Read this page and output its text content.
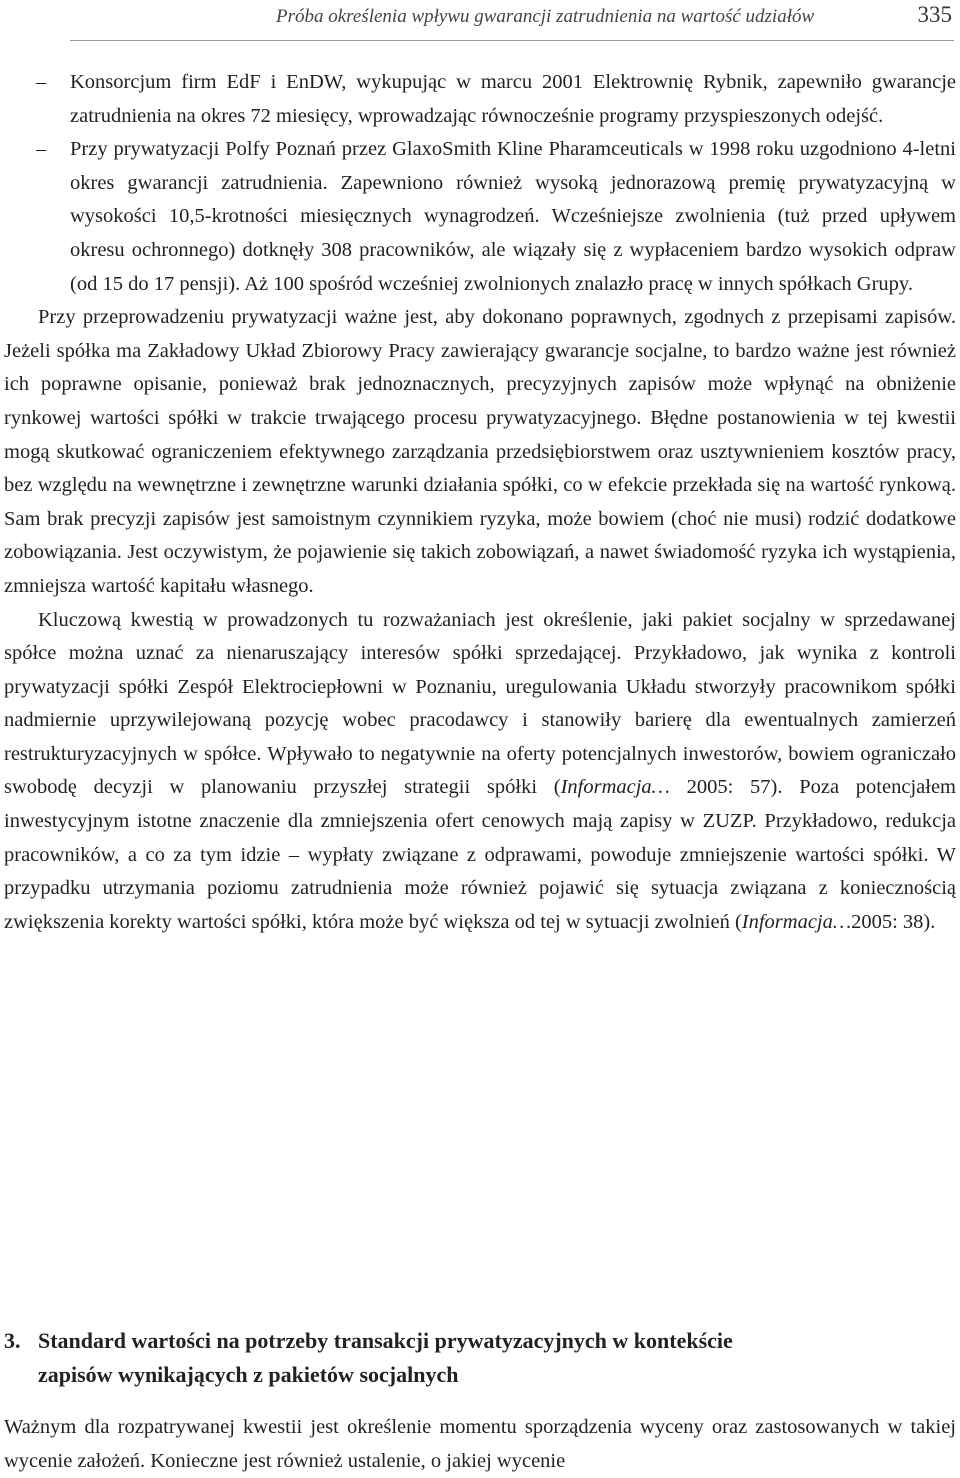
Próba określenia wpływu gwarancji zatrudnienia na wartość udziałów	335
– Konsorcjum firm EdF i EnDW, wykupując w marcu 2001 Elektrownię Rybnik, zapewniło gwarancje zatrudnienia na okres 72 miesięcy, wprowadzając równocześnie programy przyspieszonych odejść.
– Przy prywatyzacji Polfy Poznań przez GlaxoSmith Kline Pharamceuticals w 1998 roku uzgodniono 4-letni okres gwarancji zatrudnienia. Zapewniono również wysoką jednorazową premię prywatyzacyjną w wysokości 10,5-krotności miesięcznych wynagrodzeń. Wcześniejsze zwolnienia (tuż przed upływem okresu ochronnego) dotknęły 308 pracowników, ale wiązały się z wypłaceniem bardzo wysokich odpraw (od 15 do 17 pensji). Aż 100 spośród wcześniej zwolnionych znalazło pracę w innych spółkach Grupy.

Przy przeprowadzeniu prywatyzacji ważne jest, aby dokonano poprawnych, zgodnych z przepisami zapisów. Jeżeli spółka ma Zakładowy Układ Zbiorowy Pracy zawierający gwarancje socjalne, to bardzo ważne jest również ich poprawne opisanie, ponieważ brak jednoznacznych, precyzyjnych zapisów może wpłynąć na obniżenie rynkowej wartości spółki w trakcie trwającego procesu prywatyzacyjnego. Błędne postanowienia w tej kwestii mogą skutkować ograniczeniem efektywnego zarządzania przedsiębiorstwem oraz usztywnieniem kosztów pracy, bez względu na wewnętrzne i zewnętrzne warunki działania spółki, co w efekcie przekłada się na wartość rynkową. Sam brak precyzji zapisów jest samoistnym czynnikiem ryzyka, może bowiem (choć nie musi) rodzić dodatkowe zobowiązania. Jest oczywistym, że pojawienie się takich zobowiązań, a nawet świadomość ryzyka ich wystąpienia, zmniejsza wartość kapitału własnego.

Kluczową kwestią w prowadzonych tu rozważaniach jest określenie, jaki pakiet socjalny w sprzedawanej spółce można uznać za nienaruszający interesów spółki sprzedającej. Przykładowo, jak wynika z kontroli prywatyzacji spółki Zespół Elektrociepłowni w Poznaniu, uregulowania Układu stworzyły pracownikom spółki nadmiernie uprzywilejowaną pozycję wobec pracodawcy i stanowiły barierę dla ewentualnych zamierzeń restrukturyzacyjnych w spółce. Wpływało to negatywnie na oferty potencjalnych inwestorów, bowiem ograniczało swobodę decyzji w planowaniu przyszłej strategii spółki (Informacja… 2005: 57). Poza potencjałem inwestycyjnym istotne znaczenie dla zmniejszenia ofert cenowych mają zapisy w ZUZP. Przykładowo, redukcja pracowników, a co za tym idzie – wypłaty związane z odprawami, powoduje zmniejszenie wartości spółki. W przypadku utrzymania poziomu zatrudnienia może również pojawić się sytuacja związana z koniecznością zwiększenia korekty wartości spółki, która może być większa od tej w sytuacji zwolnień (Informacja…2005: 38).

3. Standard wartości na potrzeby transakcji prywatyzacyjnych w kontekście zapisów wynikających z pakietów socjalnych
Ważnym dla rozpatrywanej kwestii jest określenie momentu sporządzenia wyceny oraz zastosowanych w takiej wycenie założeń. Konieczne jest również ustalenie, o jakiej wycenie
